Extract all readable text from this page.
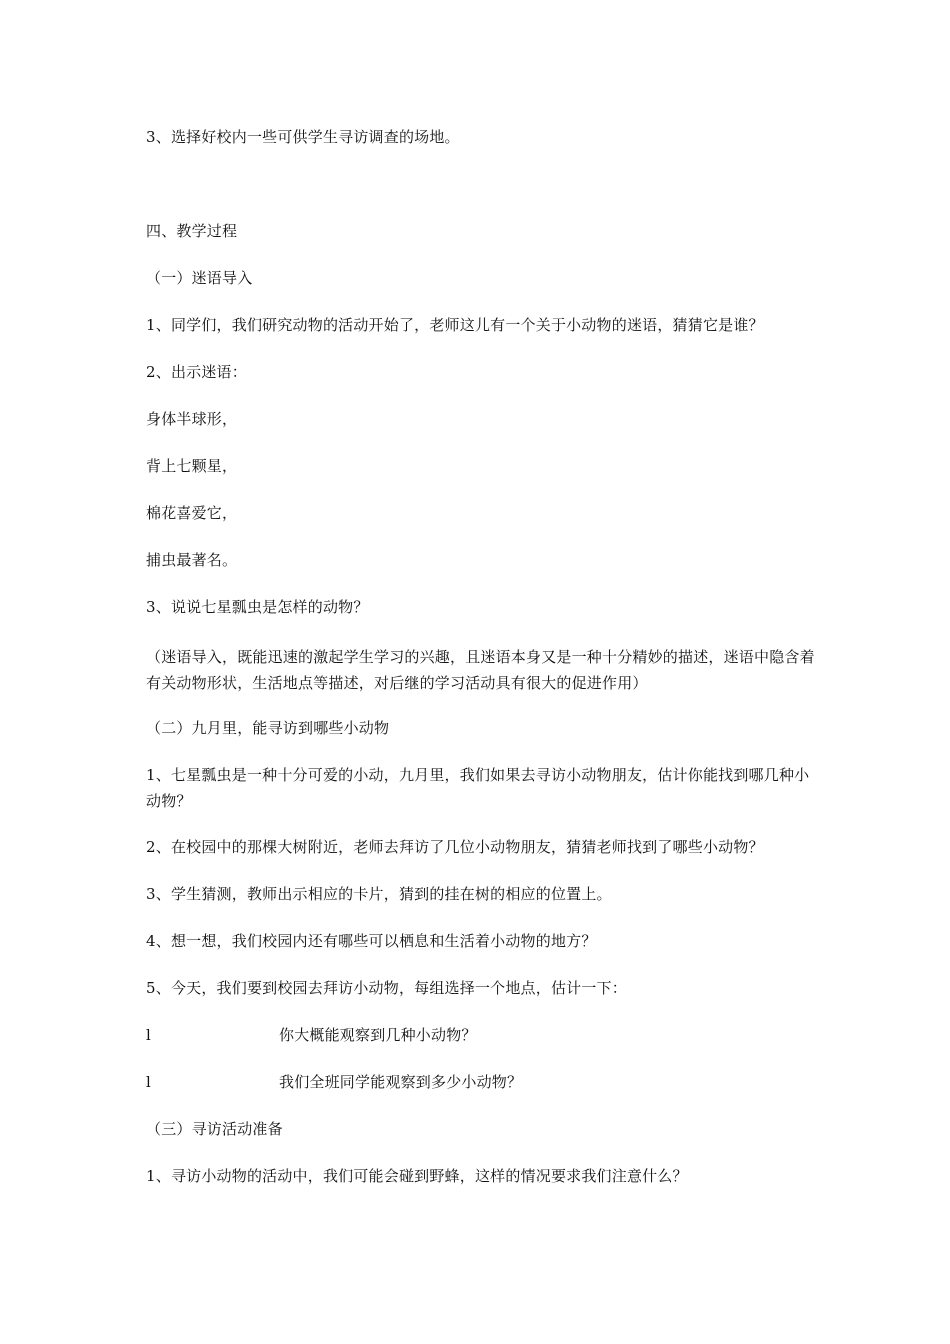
3、选择好校内一些可供学生寻访调查的场地。
四、教学过程
（一）迷语导入
1、同学们，我们研究动物的活动开始了，老师这儿有一个关于小动物的迷语，猜猜它是谁？
2、出示迷语：
身体半球形，
背上七颗星，
棉花喜爱它，
捕虫最著名。
3、说说七星瓢虫是怎样的动物？
（迷语导入，既能迅速的激起学生学习的兴趣，且迷语本身又是一种十分精妙的描述，迷语中隐含着有关动物形状，生活地点等描述，对后继的学习活动具有很大的促进作用）
（二）九月里，能寻访到哪些小动物
1、七星瓢虫是一种十分可爱的小动，九月里，我们如果去寻访小动物朋友，估计你能找到哪几种小动物？
2、在校园中的那棵大树附近，老师去拜访了几位小动物朋友，猜猜老师找到了哪些小动物？
3、学生猜测，教师出示相应的卡片，猜到的挂在树的相应的位置上。
4、想一想，我们校园内还有哪些可以栖息和生活着小动物的地方？
5、今天，我们要到校园去拜访小动物，每组选择一个地点，估计一下：
l	你大概能观察到几种小动物？
l	我们全班同学能观察到多少小动物？
（三）寻访活动准备
1、寻访小动物的活动中，我们可能会碰到野蜂，这样的情况要求我们注意什么？
